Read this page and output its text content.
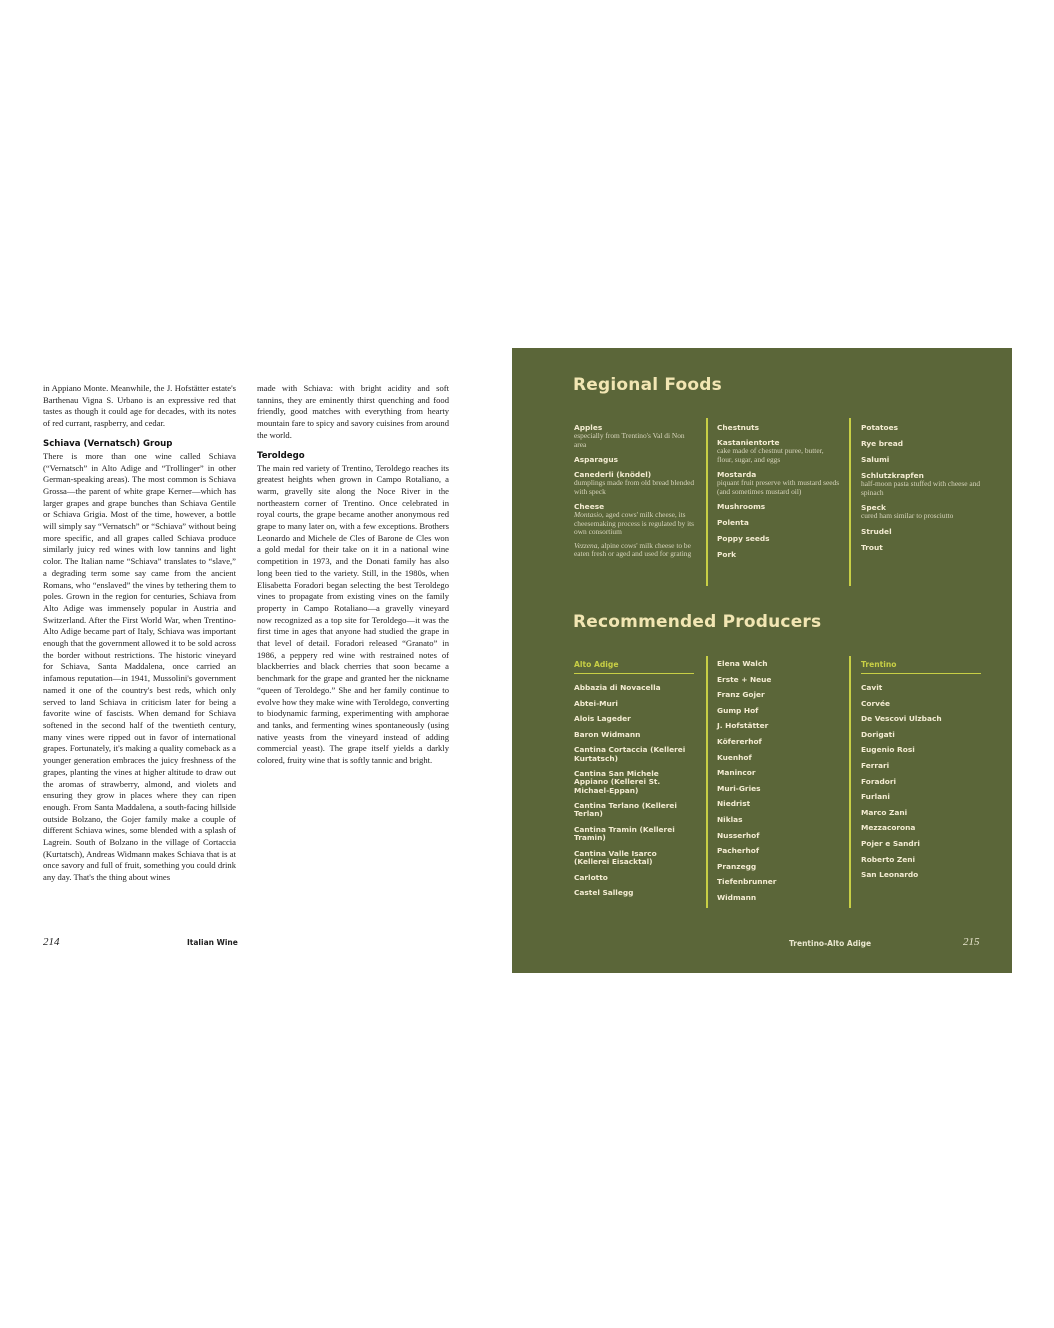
in Appiano Monte. Meanwhile, the J. Hofstätter estate's Barthenau Vigna S. Urbano is an expressive red that tastes as though it could age for decades, with its notes of red currant, raspberry, and cedar.

Schiava (Vernatsch) Group

There is more than one wine called Schiava (“Vernatsch” in Alto Adige and “Trollinger” in other German-speaking areas). The most common is Schiava Grossa—the parent of white grape Kerner—which has larger grapes and grape bunches than Schiava Gentile or Schiava Grigia. Most of the time, however, a bottle will simply say “Vernatsch” or “Schiava” without being more specific, and all grapes called Schiava produce similarly juicy red wines with low tannins and light color. The Italian name “Schiava” translates to “slave,” a degrading term some say came from the ancient Romans, who “enslaved” the vines by tethering them to poles. Grown in the region for centuries, Schiava from Alto Adige was immensely popular in Austria and Switzerland. After the First World War, when Trentino-Alto Adige became part of Italy, Schiava was important enough that the government allowed it to be sold across the border without restrictions. The historic vineyard for Schiava, Santa Maddalena, once carried an infamous reputation—in 1941, Mussolini's government named it one of the country's best reds, which only served to land Schiava in criticism later for being a favorite wine of fascists. When demand for Schiava softened in the second half of the twentieth century, many vines were ripped out in favor of international grapes. Fortunately, it's making a quality comeback as a younger generation embraces the juicy freshness of the grapes, planting the vines at higher altitude to draw out the aromas of strawberry, almond, and violets and ensuring they grow in places where they can ripen enough. From Santa Maddalena, a south-facing hillside outside Bolzano, the Gojer family make a couple of different Schiava wines, some blended with a splash of Lagrein. South of Bolzano in the village of Cortaccia (Kurtatsch), Andreas Widmann makes Schiava that is at once savory and full of fruit, something you could drink any day. That's the thing about wines

made with Schiava: with bright acidity and soft tannins, they are eminently thirst quenching and food friendly, good matches with everything from hearty mountain fare to spicy and savory cuisines from around the world.

Teroldego

The main red variety of Trentino, Teroldego reaches its greatest heights when grown in Campo Rotaliano, a warm, gravelly site along the Noce River in the northeastern corner of Trentino. Once celebrated in royal courts, the grape became another anonymous red grape to many later on, with a few exceptions. Brothers Leonardo and Michele de Cles of Barone de Cles won a gold medal for their take on it in a national wine competition in 1973, and the Donati family has also long been tied to the variety. Still, in the 1980s, when Elisabetta Foradori began selecting the best Teroldego vines to propagate from existing vines on the family property in Campo Rotaliano—a gravelly vineyard now recognized as a top site for Teroldego—it was the first time in ages that anyone had studied the grape in that level of detail. Foradori released “Granato” in 1986, a peppery red wine with restrained notes of blackberries and black cherries that soon became a benchmark for the grape and granted her the nickname “queen of Teroldego.” She and her family continue to evolve how they make wine with Teroldego, converting to biodynamic farming, experimenting with amphorae and tanks, and fermenting wines spontaneously (using native yeasts from the vineyard instead of adding commercial yeast). The grape itself yields a darkly colored, fruity wine that is softly tannic and bright.

214	Italian Wine
Regional Foods
Apples
especially from Trentino's Val di Non area
Asparagus
Canederli (knödel)
dumplings made from old bread blended with speck
Cheese
Montasio, aged cows' milk cheese, its cheesemaking process is regulated by its own consortium
Vezzena, alpine cows' milk cheese to be eaten fresh or aged and used for grating
Chestnuts
Kastanientorte
cake made of chestnut puree, butter, flour, sugar, and eggs
Mostarda
piquant fruit preserve with mustard seeds (and sometimes mustard oil)
Mushrooms
Polenta
Poppy seeds
Pork
Potatoes
Rye bread
Salumi
Schlutzkrapfen
half-moon pasta stuffed with cheese and spinach
Speck
cured ham similar to prosciutto
Strudel
Trout
Recommended Producers
Alto Adige
Abbazia di Novacella
Abtei-Muri
Alois Lageder
Baron Widmann
Cantina Cortaccia (Kellerei Kurtatsch)
Cantina San Michele Appiano (Kellerei St. Michael-Eppan)
Cantina Terlano (Kellerei Terlan)
Cantina Tramin (Kellerei Tramin)
Cantina Valle Isarco (Kellerei Eisacktal)
Carlotto
Castel Sallegg
Elena Walch
Erste + Neue
Franz Gojer
Gump Hof
J. Hofstätter
Köfererhof
Kuenhof
Manincor
Muri-Gries
Niedrist
Niklas
Nusserhof
Pacherhof
Pranzegg
Tiefenbrunner
Widmann
Trentino
Cavit
Corvée
De Vescovi Ulzbach
Dorigati
Eugenio Rosi
Ferrari
Foradori
Furlani
Marco Zani
Mezzacorona
Pojer e Sandri
Roberto Zeni
San Leonardo
Trentino-Alto Adige	215
